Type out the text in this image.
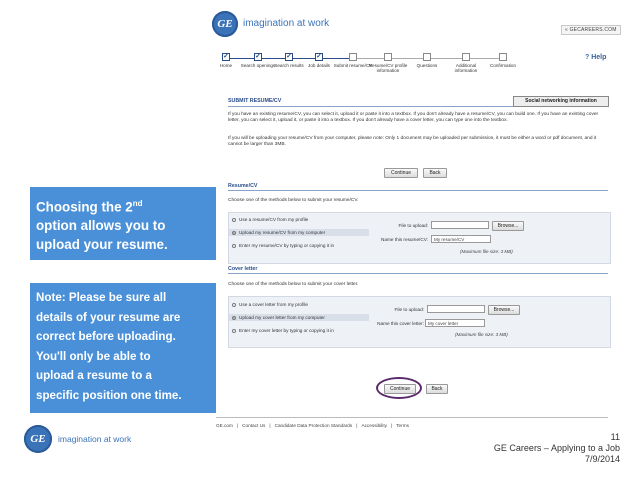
GE imagination at work
« GECAREERS.COM
? Help
✓
Home
✓
Search openings
✓
Search results
✓
Job details Submit resume/CV
Resume/CV profile information
Questions	Additional information
Confirmation
SUBMIT RESUME/CV	Social networking information
If you have an existing resume/CV, you can select it, upload it or paste it into a textbox. If you don't already have a resume/CV, you can build one. If you have an existing cover letter, you can select it, upload it, or paste it into a textbox. If you don't already have a cover letter, you can type one into the textbox.
If you will be uploading your resume/CV from your computer, please note: Only 1 document may be uploaded per submission, it must be either a word or pdf document, and it cannot be larger than 3MB.
Continue	Back
Resume/CV
Choose one of the methods below to submit your resume/CV.
Use a resume/CV from my profile
Upload my resume/CV from my computer
Enter my resume/CV by typing or copying it in
File to upload:	Browse...
Name this resume/CV:	My resume/CV
(Maximum file size: 3 MB)
Cover letter
Choose one of the methods below to submit your cover letter.
Use a cover letter from my profile
Upload my cover letter from my computer
Enter my cover letter by typing or copying it in
File to upload:	Browse...
Name this cover letter: My cover letter
(Maximum file size: 3 MB)
Continue	Back
GE.com | Contact Us | Candidate Data Protection Standards | Accessibility | Terms
Choosing the 2nd
option allows you to
upload your resume.
Note: Please be sure all
details of your resume are
correct before uploading.
You'll only be able to
upload a resume to a
specific position one time.
GE imagination at work	11
GE Careers – Applying to a Job
7/9/2014
